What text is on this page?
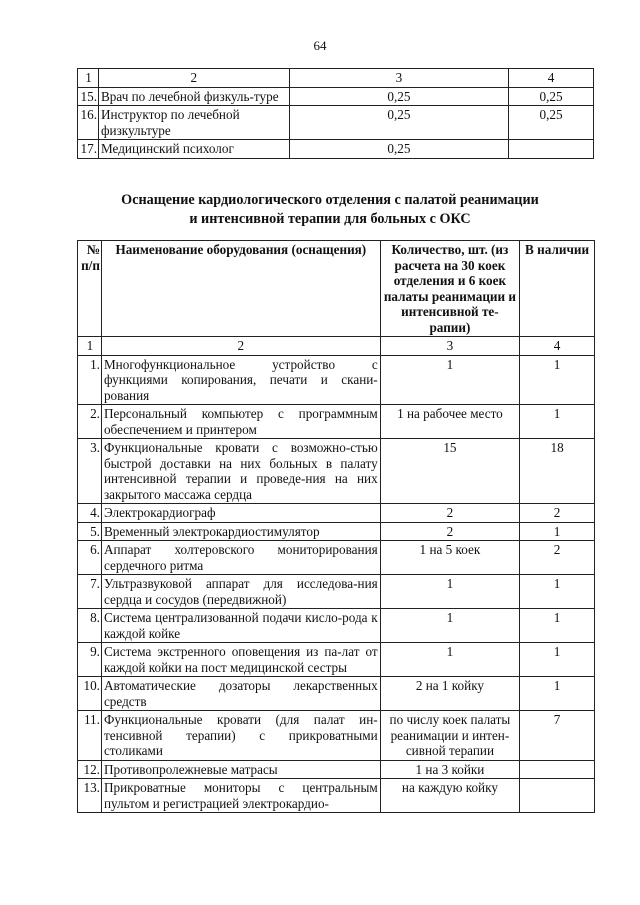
64
1	2	3	4
15.	Врач по лечебной физкуль-туре	0,25	0,25
16.	Инструктор по лечебной физкультуре	0,25	0,25
17.	Медицинский психолог	0,25	
Оснащение кардиологического отделения с палатой реанимации
и интенсивной терапии для больных с ОКС
№ п/п	Наименование оборудования (оснащения)	Количество, шт. (из расчета на 30 коек отделения и 6 коек палаты реанимации и интенсивной те-рапии)	В наличии
1	2	3	4
1.	Многофункциональное устройство с функциями копирования, печати и скани-рования	1	1
2.	Персональный компьютер с программным обеспечением и принтером	1 на рабочее место	1
3.	Функциональные кровати с возможно-стью быстрой доставки на них больных в палату интенсивной терапии и проведе-ния на них закрытого массажа сердца	15	18
4.	Электрокардиограф	2	2
5.	Временный электрокардиостимулятор	2	1
6.	Аппарат холтеровского мониторирования сердечного ритма	1 на 5 коек	2
7.	Ультразвуковой аппарат для исследова-ния сердца и сосудов (передвижной)	1	1
8.	Система централизованной подачи кисло-рода к каждой койке	1	1
9.	Система экстренного оповещения из па-лат от каждой койки на пост медицинской сестры	1	1
10.	Автоматические дозаторы лекарственных средств	2 на 1 койку	1
11.	Функциональные кровати (для палат ин-тенсивной терапии) с прикроватными столиками	по числу коек палаты реанимации и интен-сивной терапии	7
12.	Противопролежневые матрасы	1 на 3 койки	
13.	Прикроватные мониторы с центральным пультом и регистрацией электрокардио-	на каждую койку	
